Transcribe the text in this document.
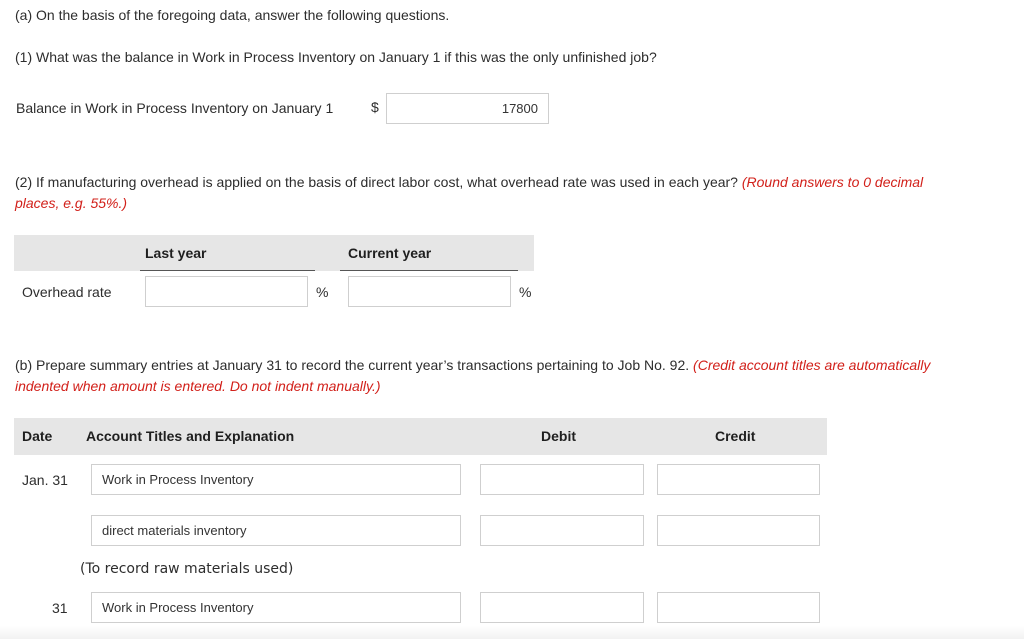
(a) On the basis of the foregoing data, answer the following questions.
(1) What was the balance in Work in Process Inventory on January 1 if this was the only unfinished job?
Balance in Work in Process Inventory on January 1	$	17800
(2) If manufacturing overhead is applied on the basis of direct labor cost, what overhead rate was used in each year? (Round answers to 0 decimal
places, e.g. 55%.)
Last year	Current year
Overhead rate	%	%
(b) Prepare summary entries at January 31 to record the current year’s transactions pertaining to Job No. 92. (Credit account titles are automatically
indented when amount is entered. Do not indent manually.)
Date Account Titles and Explanation	Debit	Credit
Jan. 31	Work in Process Inventory
direct materials inventory
(To record raw materials used)
31	Work in Process Inventory
